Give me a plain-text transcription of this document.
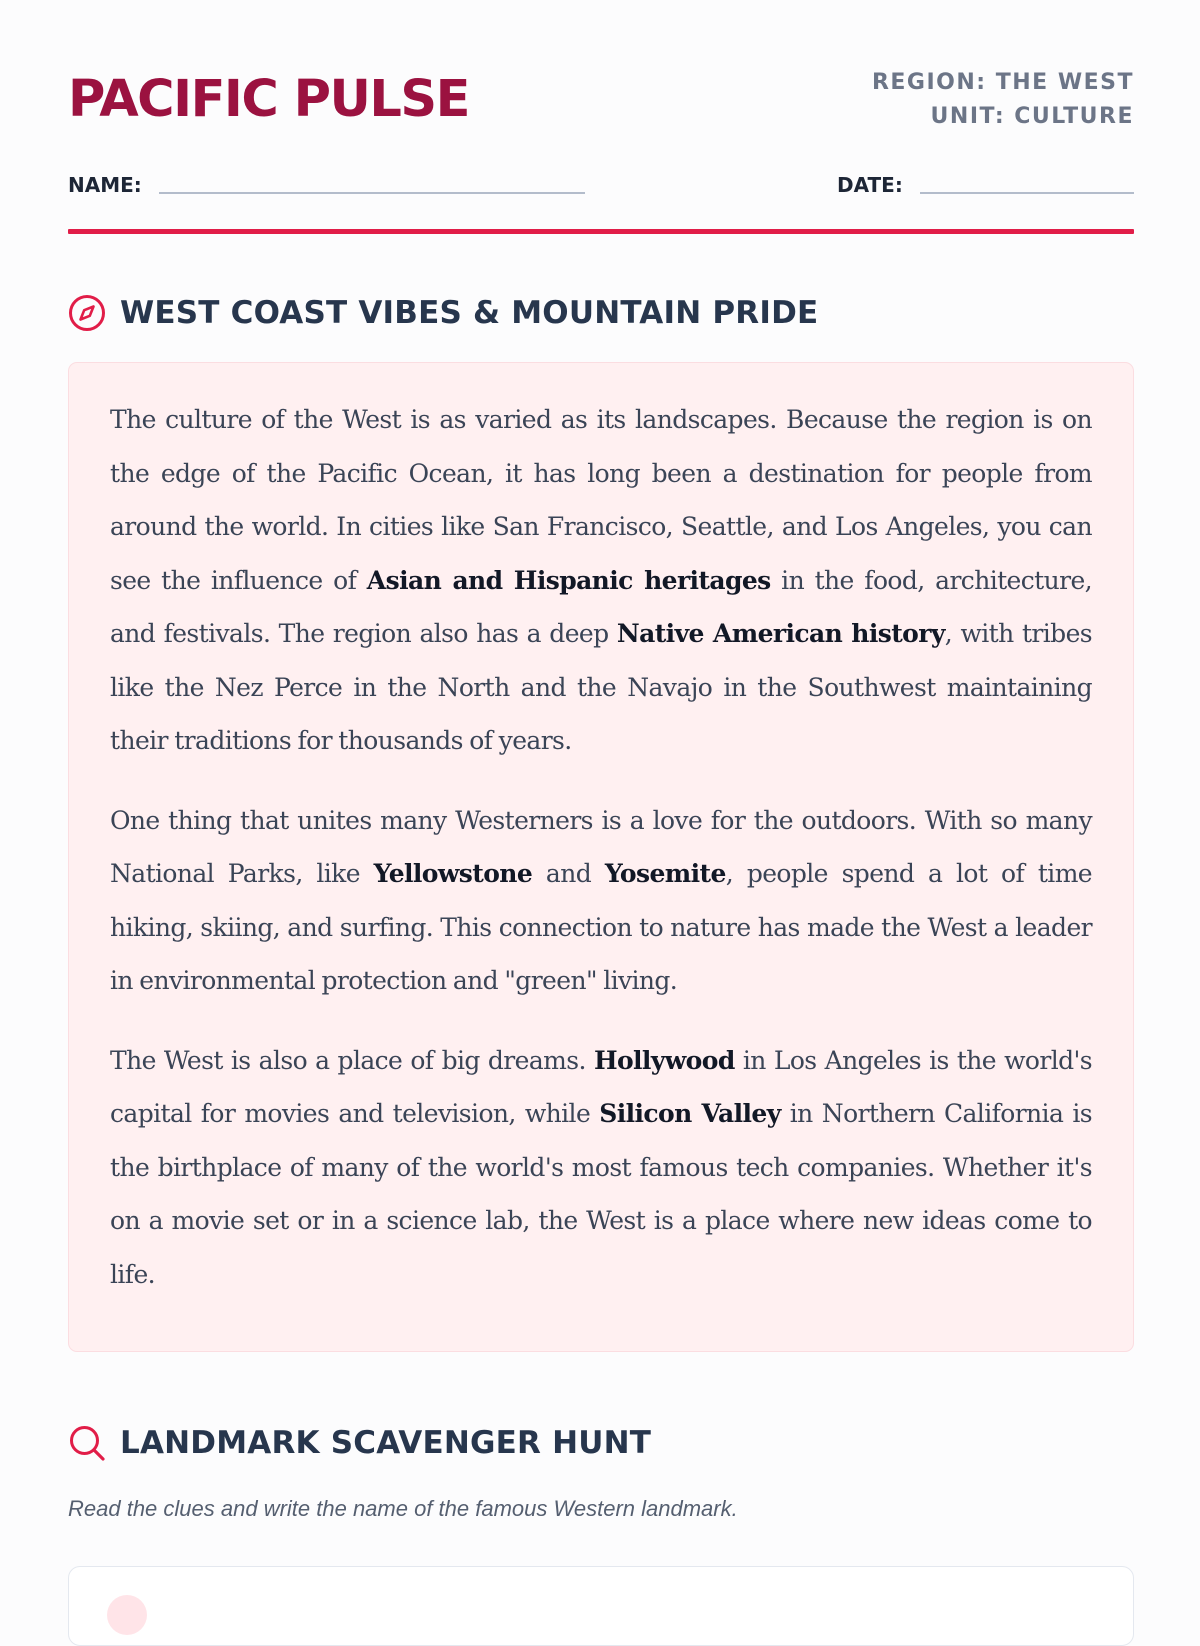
PACIFIC PULSE	REGION: THE WEST
UNIT: CULTURE
NAME:	DATE:
WEST COAST VIBES & MOUNTAIN PRIDE

The culture of the West is as varied as its landscapes. Because the region is on the edge of the Pacific Ocean, it has long been a destination for people from around the world. In cities like San Francisco, Seattle, and Los Angeles, you can see the influence of Asian and Hispanic heritages in the food, architecture, and festivals. The region also has a deep Native American history, with tribes like the Nez Perce in the North and the Navajo in the Southwest maintaining their traditions for thousands of years.

One thing that unites many Westerners is a love for the outdoors. With so many National Parks, like Yellowstone and Yosemite, people spend a lot of time hiking, skiing, and surfing. This connection to nature has made the West a leader in environmental protection and "green" living.

The West is also a place of big dreams. Hollywood in Los Angeles is the world's capital for movies and television, while Silicon Valley in Northern California is the birthplace of many of the world's most famous tech companies. Whether it's on a movie set or in a science lab, the West is a place where new ideas come to life.

LANDMARK SCAVENGER HUNT

Read the clues and write the name of the famous Western landmark.
